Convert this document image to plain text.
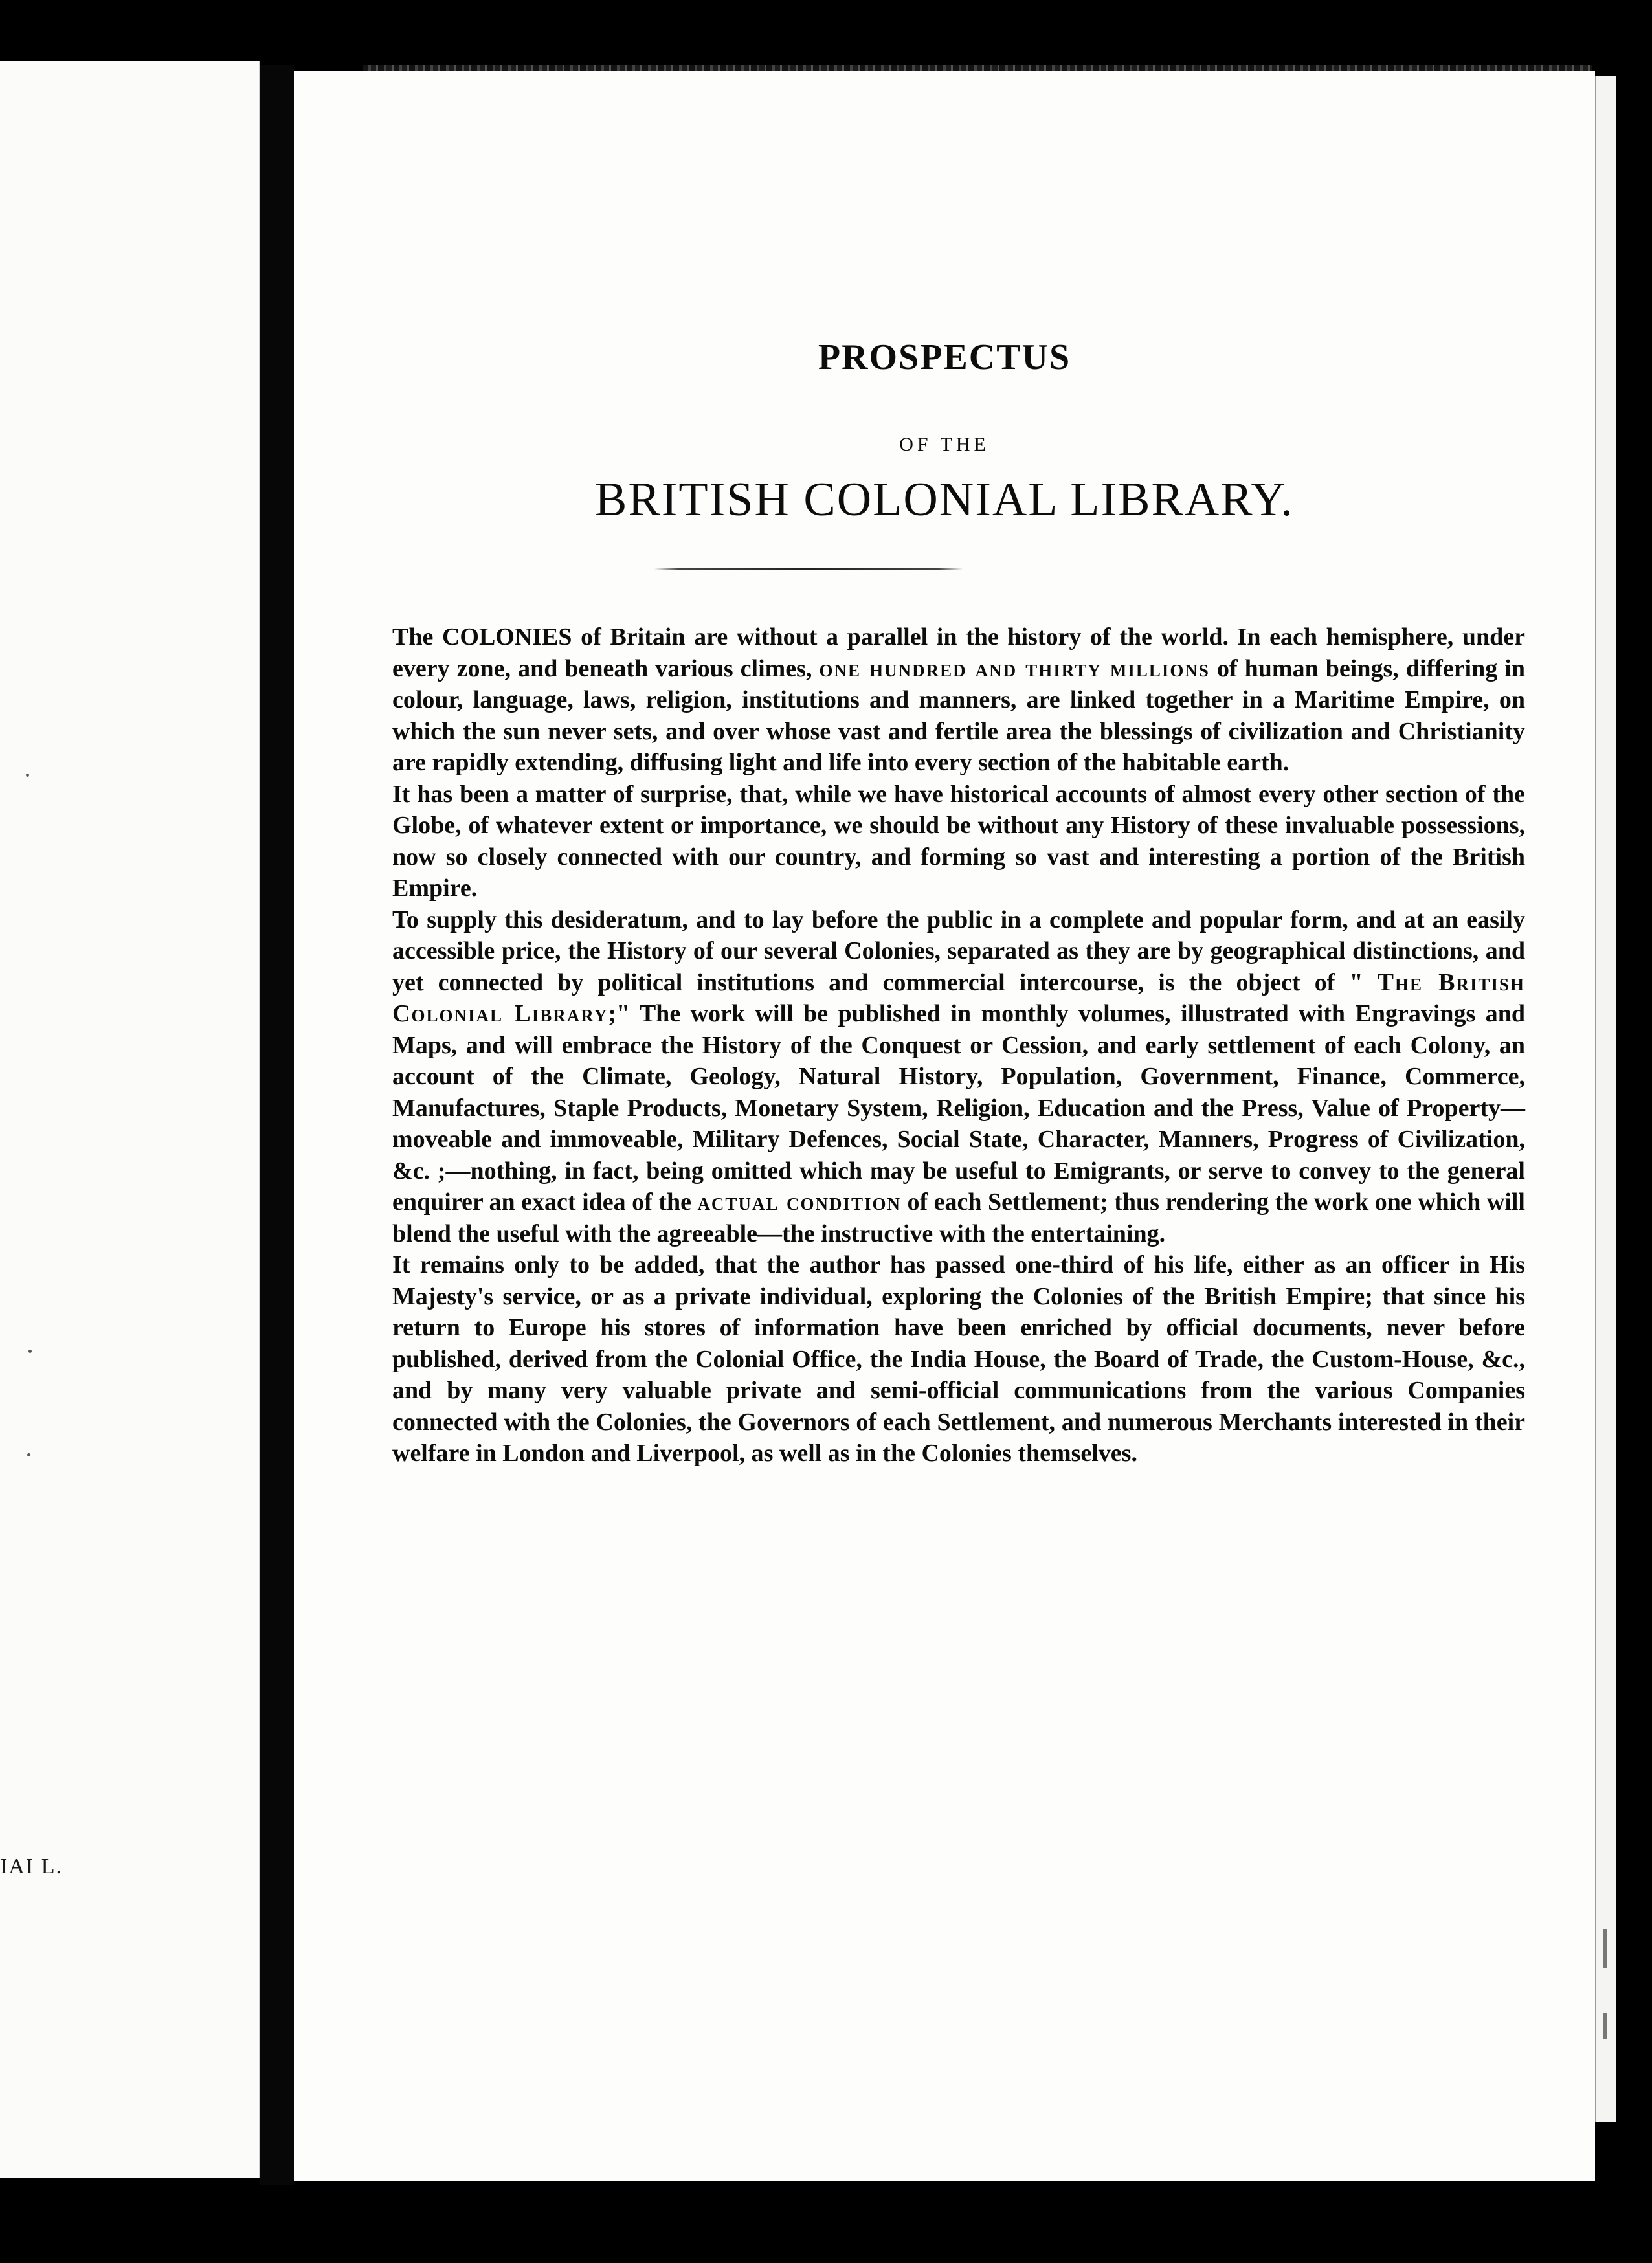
IAI L.
PROSPECTUS
OF THE
BRITISH COLONIAL LIBRARY.

The COLONIES of Britain are without a parallel in the history of the world. In each hemisphere, under every zone, and beneath various climes, one hundred and thirty millions of human beings, differing in colour, language, laws, religion, institutions and manners, are linked together in a Maritime Empire, on which the sun never sets, and over whose vast and fertile area the blessings of civilization and Christianity are rapidly extending, diffusing light and life into every section of the habitable earth.

It has been a matter of surprise, that, while we have historical accounts of almost every other section of the Globe, of whatever extent or importance, we should be without any History of these invaluable possessions, now so closely connected with our country, and forming so vast and interesting a portion of the British Empire.

To supply this desideratum, and to lay before the public in a complete and popular form, and at an easily accessible price, the History of our several Colonies, separated as they are by geographical distinctions, and yet connected by political institutions and commercial intercourse, is the object of " The British Colonial Library;" The work will be published in monthly volumes, illustrated with Engravings and Maps, and will embrace the History of the Conquest or Cession, and early settlement of each Colony, an account of the Climate, Geology, Natural History, Population, Government, Finance, Commerce, Manufactures, Staple Products, Monetary System, Religion, Education and the Press, Value of Property—moveable and immoveable, Military Defences, Social State, Character, Manners, Progress of Civilization, &c. ;—nothing, in fact, being omitted which may be useful to Emigrants, or serve to convey to the general enquirer an exact idea of the actual condition of each Settlement; thus rendering the work one which will blend the useful with the agreeable—the instructive with the entertaining.

It remains only to be added, that the author has passed one-third of his life, either as an officer in His Majesty's service, or as a private individual, exploring the Colonies of the British Empire; that since his return to Europe his stores of information have been enriched by official documents, never before published, derived from the Colonial Office, the India House, the Board of Trade, the Custom-House, &c., and by many very valuable private and semi-official communications from the various Companies connected with the Colonies, the Governors of each Settlement, and numerous Merchants interested in their welfare in London and Liverpool, as well as in the Colonies themselves.
